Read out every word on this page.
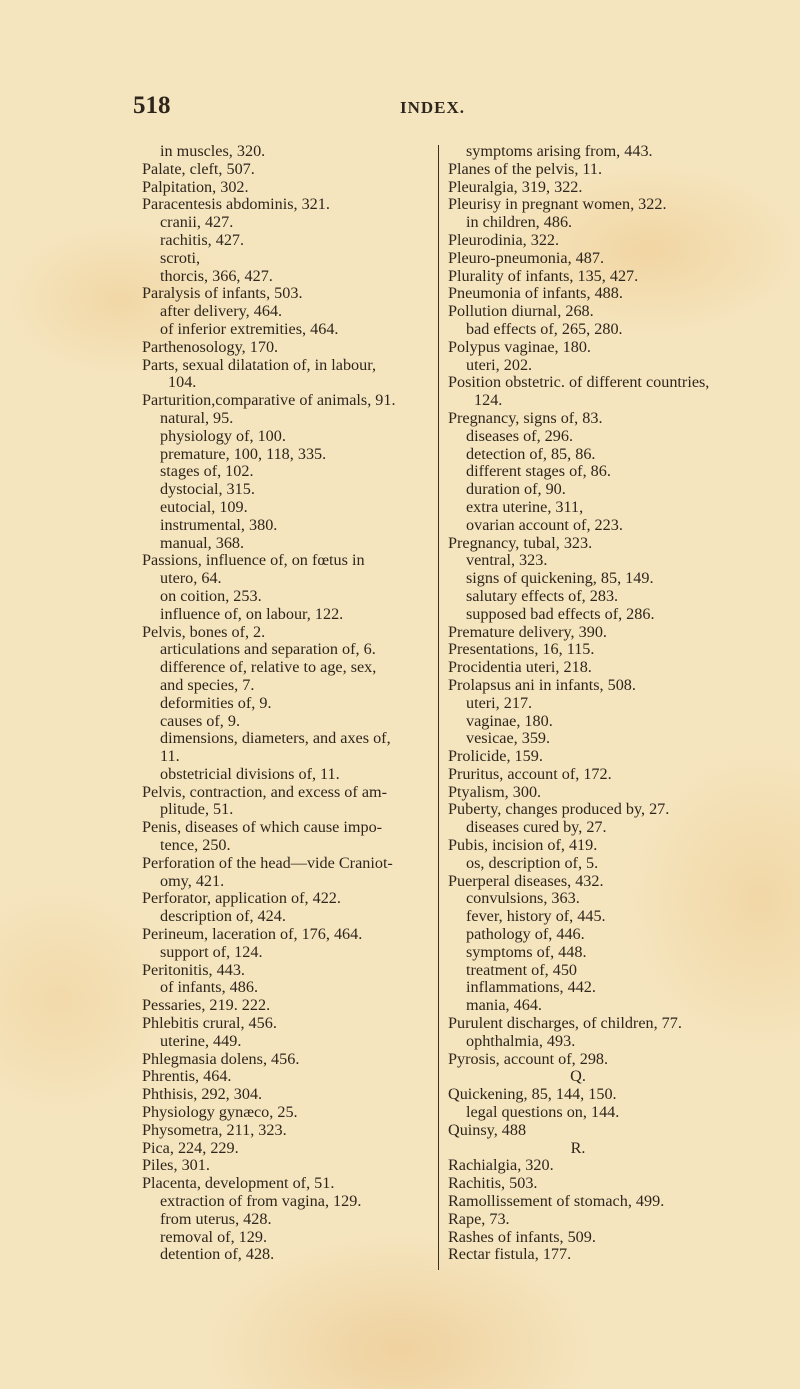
518	INDEX.
in muscles, 320.
Palate, cleft, 507.
Palpitation, 302.
Paracentesis abdominis, 321.
cranii, 427.
rachitis, 427.
scroti,
thorcis, 366, 427.
Paralysis of infants, 503.
after delivery, 464.
of inferior extremities, 464.
Parthenosology, 170.
Parts, sexual dilatation of, in labour,
104.
Parturition,comparative of animals, 91.
natural, 95.
physiology of, 100.
premature, 100, 118, 335.
stages of, 102.
dystocial, 315.
eutocial, 109.
instrumental, 380.
manual, 368.
Passions, influence of, on fœtus in
utero, 64.
on coition, 253.
influence of, on labour, 122.
Pelvis, bones of, 2.
articulations and separation of, 6.
difference of, relative to age, sex,
and species, 7.
deformities of, 9.
causes of, 9.
dimensions, diameters, and axes of,
11.
obstetricial divisions of, 11.
Pelvis, contraction, and excess of am-
plitude, 51.
Penis, diseases of which cause impo-
tence, 250.
Perforation of the head—vide Craniot-
omy, 421.
Perforator, application of, 422.
description of, 424.
Perineum, laceration of, 176, 464.
support of, 124.
Peritonitis, 443.
of infants, 486.
Pessaries, 219. 222.
Phlebitis crural, 456.
uterine, 449.
Phlegmasia dolens, 456.
Phrentis, 464.
Phthisis, 292, 304.
Physiology gynæco, 25.
Physometra, 211, 323.
Pica, 224, 229.
Piles, 301.
Placenta, development of, 51.
extraction of from vagina, 129.
from uterus, 428.
removal of, 129.
detention of, 428.
symptoms arising from, 443.
Planes of the pelvis, 11.
Pleuralgia, 319, 322.
Pleurisy in pregnant women, 322.
in children, 486.
Pleurodinia, 322.
Pleuro-pneumonia, 487.
Plurality of infants, 135, 427.
Pneumonia of infants, 488.
Pollution diurnal, 268.
bad effects of, 265, 280.
Polypus vaginae, 180.
uteri, 202.
Position obstetric. of different countries,
124.
Pregnancy, signs of, 83.
diseases of, 296.
detection of, 85, 86.
different stages of, 86.
duration of, 90.
extra uterine, 311,
ovarian account of, 223.
Pregnancy, tubal, 323.
ventral, 323.
signs of quickening, 85, 149.
salutary effects of, 283.
supposed bad effects of, 286.
Premature delivery, 390.
Presentations, 16, 115.
Procidentia uteri, 218.
Prolapsus ani in infants, 508.
uteri, 217.
vaginae, 180.
vesicae, 359.
Prolicide, 159.
Pruritus, account of, 172.
Ptyalism, 300.
Puberty, changes produced by, 27.
diseases cured by, 27.
Pubis, incision of, 419.
os, description of, 5.
Puerperal diseases, 432.
convulsions, 363.
fever, history of, 445.
pathology of, 446.
symptoms of, 448.
treatment of, 450
inflammations, 442.
mania, 464.
Purulent discharges, of children, 77.
ophthalmia, 493.
Pyrosis, account of, 298.
Q.
Quickening, 85, 144, 150.
legal questions on, 144.
Quinsy, 488
R.
Rachialgia, 320.
Rachitis, 503.
Ramollissement of stomach, 499.
Rape, 73.
Rashes of infants, 509.
Rectar fistula, 177.
